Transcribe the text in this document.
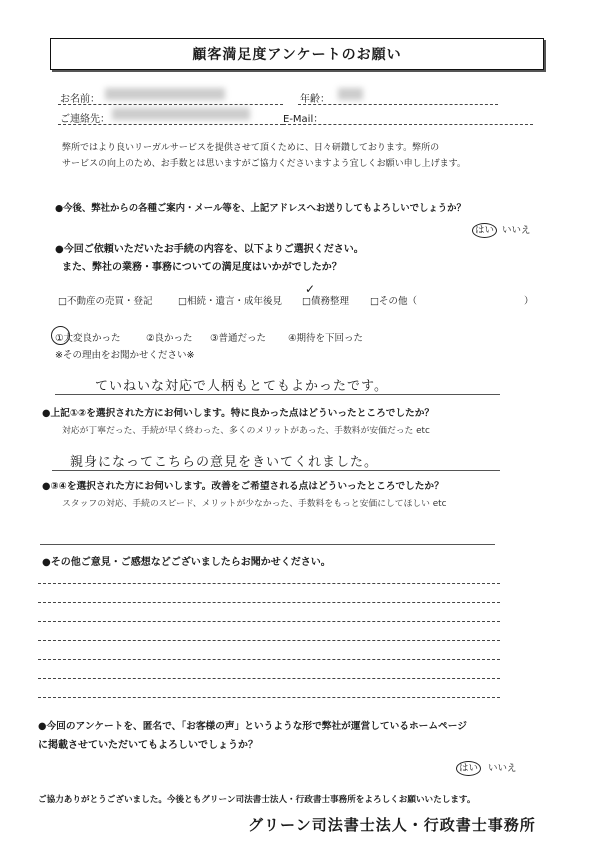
顧客満足度アンケートのお願い
お名前：	年齢：
ご連絡先：	E-Mail：
弊所ではより良いリーガルサービスを提供させて頂くために、日々研鑽しております。弊所の
サービスの向上のため、お手数とは思いますがご協力くださいますよう宜しくお願い申し上げます。
●今後、弊社からの各種ご案内・メール等を、上記アドレスへお送りしてもよろしいでしょうか？
はい いいえ
●今回ご依頼いただいたお手続の内容を、以下よりご選択ください。
また、弊社の業務・事務についての満足度はいかがでしたか？
□不動産の売買・登記	□相続・遺言・成年後見 □債務整理
✓
□その他（	）
①大変良かった	②良かった ③普通だった ④期待を下回った
※その理由をお聞かせください※
ていねいな対応で人柄もとてもよかったです。
●上記①②を選択された方にお伺いします。特に良かった点はどういったところでしたか？
対応が丁寧だった、手続が早く終わった、多くのメリットがあった、手数料が安価だった etc
親身になってこちらの意見をきいてくれました。
●③④を選択された方にお伺いします。改善をご希望される点はどういったところでしたか？
スタッフの対応、手続のスピード、メリットが少なかった、手数料をもっと安価にしてほしい etc
●その他ご意見・ご感想などございましたらお聞かせください。
●今回のアンケートを、匿名で、「お客様の声」というような形で弊社が運営しているホームページ
に掲載させていただいてもよろしいでしょうか？
はい いいえ
ご協力ありがとうございました。今後ともグリーン司法書士法人・行政書士事務所をよろしくお願いいたします。
グリーン司法書士法人・行政書士事務所
